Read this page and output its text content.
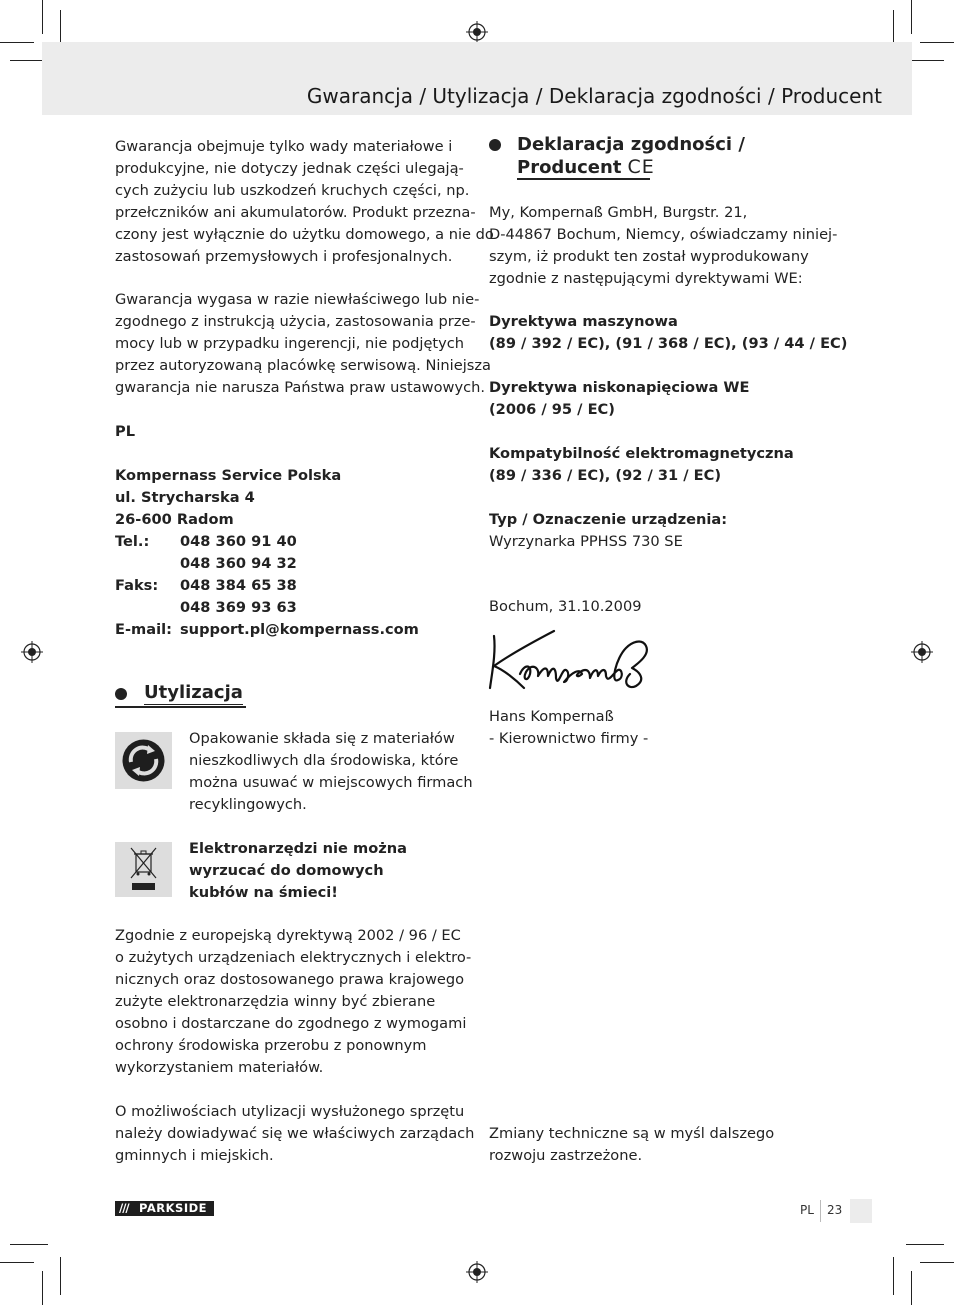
Gwarancja / Utylizacja / Deklaracja zgodności / Producent

Gwarancja obejmuje tylko wady materiałowe i

produkcyjne, nie dotyczy jednak części ulegają-

cych zużyciu lub uszkodzeń kruchych części, np.

przełczników ani akumulatorów. Produkt przezna-

czony jest wyłącznie do użytku domowego, a nie do

zastosowań przemysłowych i profesjonalnych.

Gwarancja wygasa w razie niewłaściwego lub nie-

zgodnego z instrukcją użycia, zastosowania prze-

mocy lub w przypadku ingerencji, nie podjętych

przez autoryzowaną placówkę serwisową. Niniejsza

gwarancja nie narusza Państwa praw ustawowych.

PL

Kompernass Service Polska

ul. Strycharska 4

26-600 Radom

Tel.:	048 360 91 40
	048 360 94 32
Faks:	048 384 65 38
	048 369 93 63
E-mail:	support.pl@kompernass.com
Utylizacja

Opakowanie składa się z materiałów

nieszkodliwych dla środowiska, które

można usuwać w miejscowych firmach

recyklingowych.

Elektronarzędzi nie można

wyrzucać do domowych

kubłów na śmieci!

Zgodnie z europejską dyrektywą 2002 / 96 / EC

o zużytych urządzeniach elektrycznych i elektro-

nicznych oraz dostosowanego prawa krajowego

zużyte elektronarzędzia winny być zbierane

osobno i dostarczane do zgodnego z wymogami

ochrony środowiska przerobu z ponownym

wykorzystaniem materiałów.

O możliwościach utylizacji wysłużonego sprzętu

należy dowiadywać się we właściwych zarządach

gminnych i miejskich.

Deklaracja zgodności /
Producent CE

My, Kompernaß GmbH, Burgstr. 21,

D-44867 Bochum, Niemcy, oświadczamy niniej-

szym, iż produkt ten został wyprodukowany

zgodnie z następującymi dyrektywami WE:

Dyrektywa maszynowa

(89 / 392 / EC), (91 / 368 / EC), (93 / 44 / EC)

Dyrektywa niskonapięciowa WE

(2006 / 95 / EC)

Kompatybilność elektromagnetyczna

(89 / 336 / EC), (92 / 31 / EC)

Typ / Oznaczenie urządzenia:

Wyrzynarka PPHSS 730 SE

Bochum, 31.10.2009

Hans Kompernaß

- Kierownictwo firmy -

Zmiany techniczne są w myśl dalszego

rozwoju zastrzeżone.

/// PARKSIDE	PL 23
